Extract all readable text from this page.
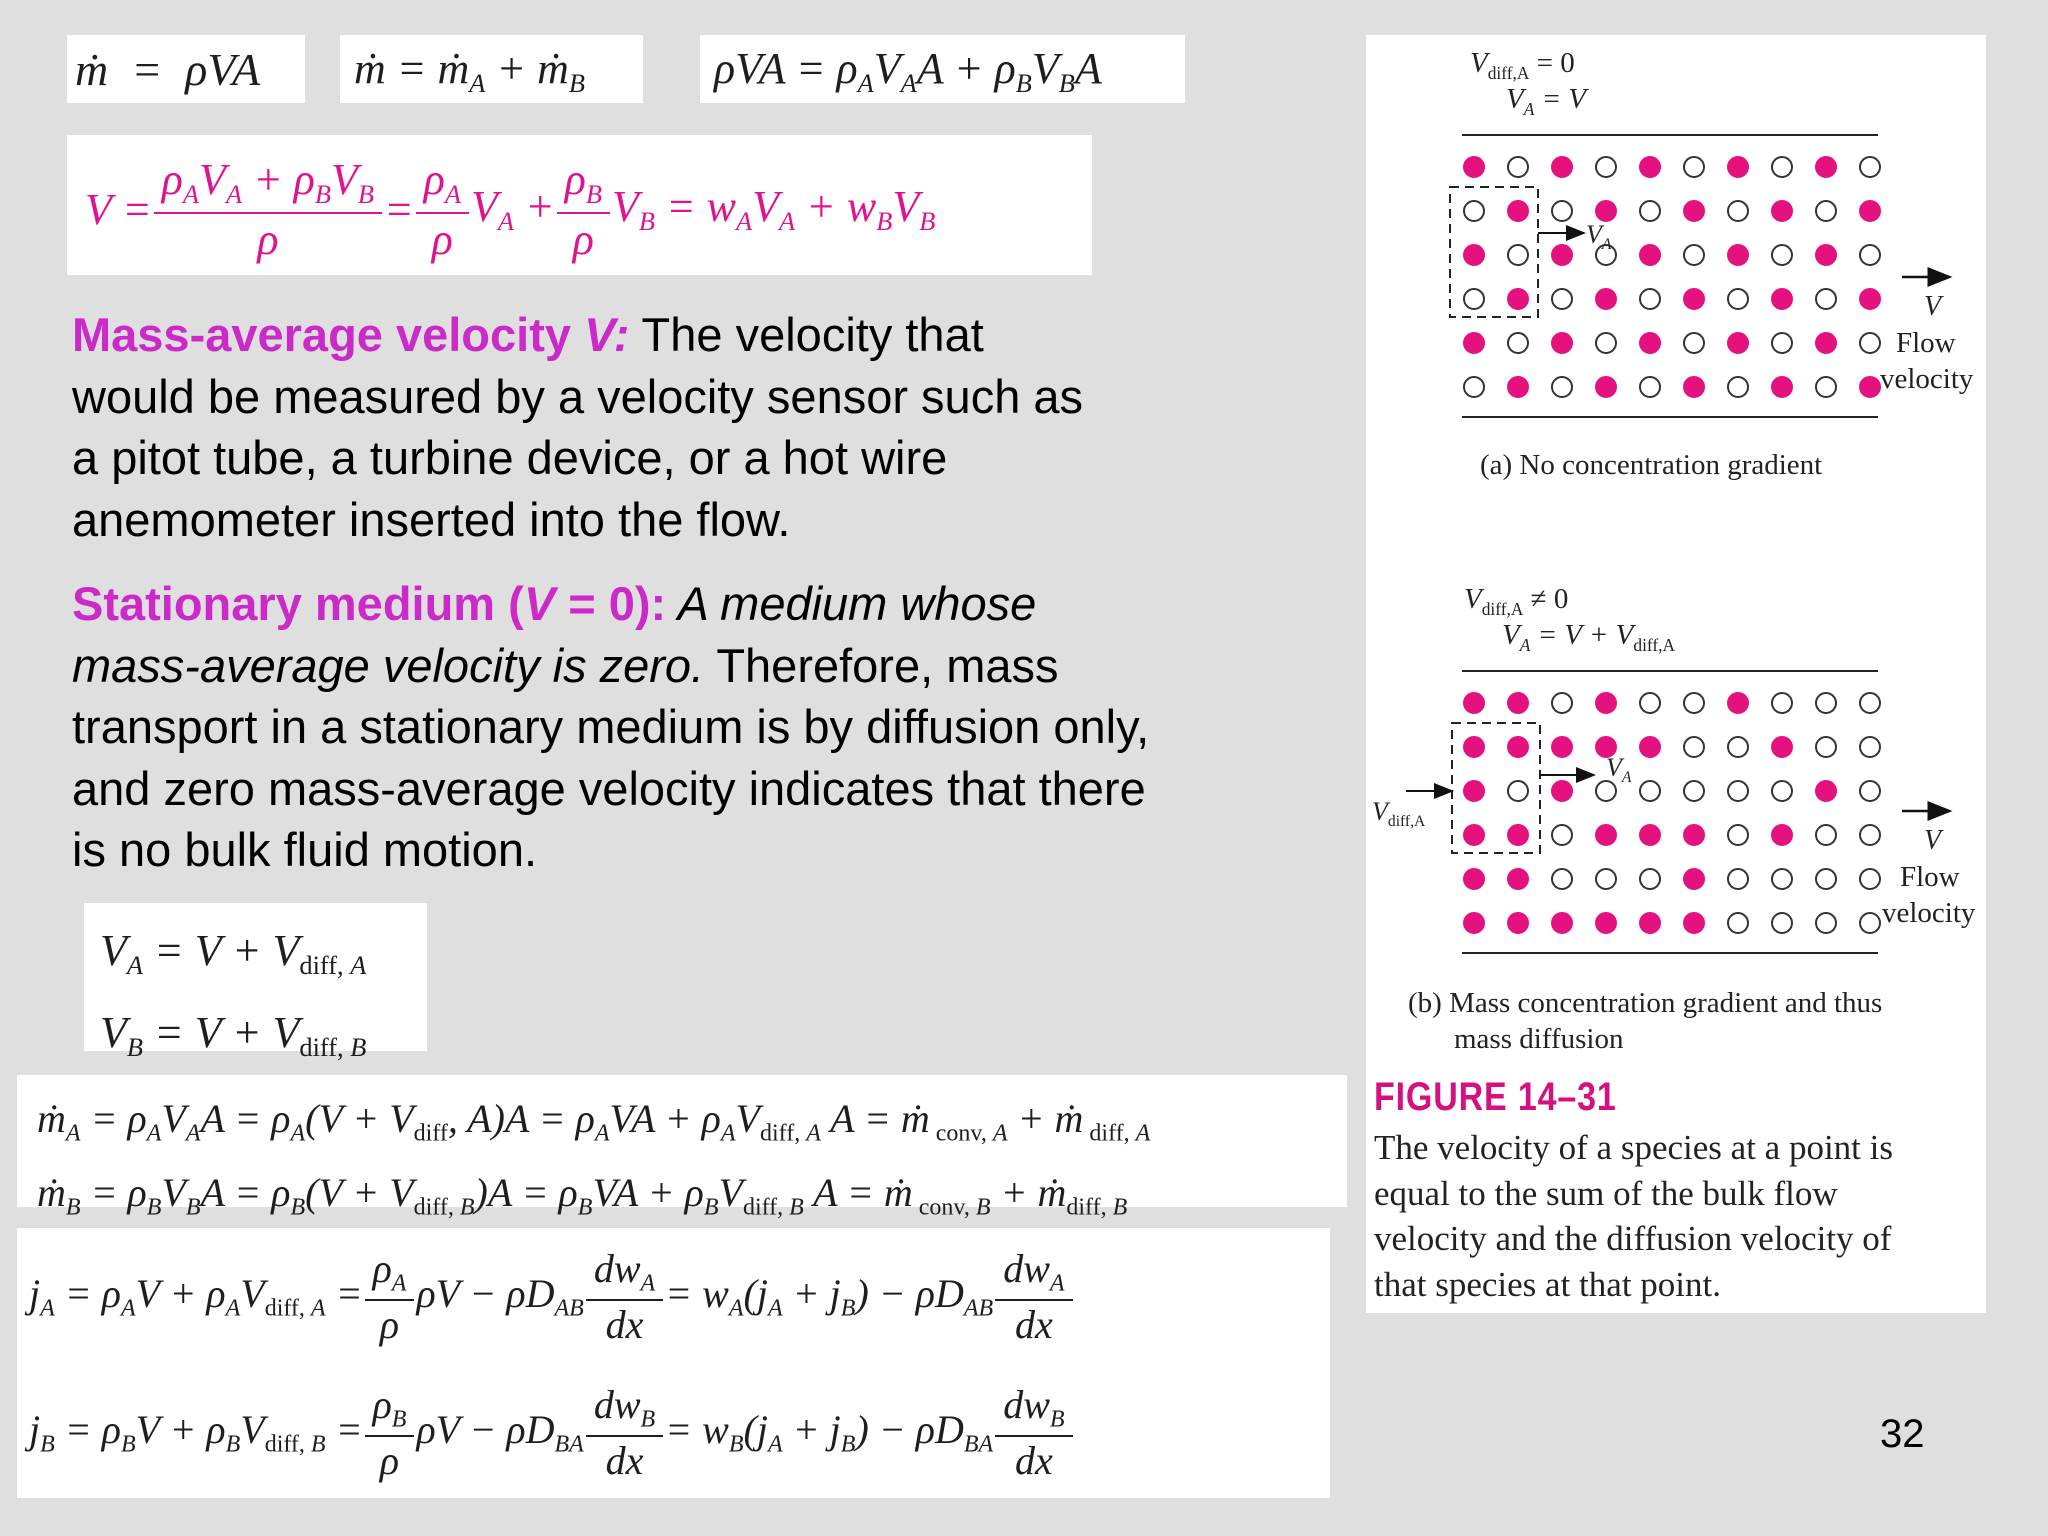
ṁ  =  ρVA	ṁ = ṁ$_A$ + ṁ$_B$	$\rho VA = \rho_AV_AA + \rho_BV_BA$
$V = \frac{\rho_AV_A + \rho_BV_B}{\rho} = \frac{\rho_A}{\rho} V_A + \frac{\rho_B}{\rho} V_B = w_AV_A + w_BV_B$
Mass-average velocity V: The velocity that
would be measured by a velocity sensor such as
a pitot tube, a turbine device, or a hot wire
anemometer inserted into the flow.
Stationary medium (V = 0): A medium whose
mass-average velocity is zero. Therefore, mass
transport in a stationary medium is by diffusion only,
and zero mass-average velocity indicates that there
is no bulk fluid motion.
$V_A = V + V_{diff, A}$
$V_B = V + V_{diff, B}$
ṁ$_A$ = $\rho_AV_AA = \rho_A(V + V_{diff}$, $A)A = \rho_AVA + \rho_AV_{diff, A}$ A = ṁ $_{conv, A}$ + ṁ $_{diff, A}$
ṁ$_B$ = $\rho_BV_BA = \rho_B(V + V_{diff, B})A = \rho_BVA + \rho_BV_{diff, B}$ A = ṁ $_{conv, B}$ + ṁ$_{diff, B}$
$j_A = \rho_AV + \rho_AV_{diff, A} = \frac{\rho_A}{\rho}$ $\rho V - \rho D_{AB} \frac{dw_A}{dx} = w_A(j_A + j_B) - \rho D_{AB} \frac{dw_A}{dx}$
$j_B = \rho_BV + \rho_BV_{diff, B} = \frac{\rho_B}{\rho}$ $\rho V - \rho D_{BA} \frac{dw_B}{dx} = w_B(j_A + j_B) - \rho D_{BA} \frac{dw_B}{dx}$
$V_{diff,A} = 0$
$V_A = V$
$V_A$
V
Flow
velocity
(a) No concentration gradient
$V_{diff,A} \ne 0$
$V_A = V + V_{diff,A}$
$V_A$
$V_{diff,A}$
V
Flow
velocity
(b) Mass concentration gradient and thus
mass diffusion
FIGURE 14–31
The velocity of a species at a point is
equal to the sum of the bulk flow
velocity and the diffusion velocity of
that species at that point.
32
